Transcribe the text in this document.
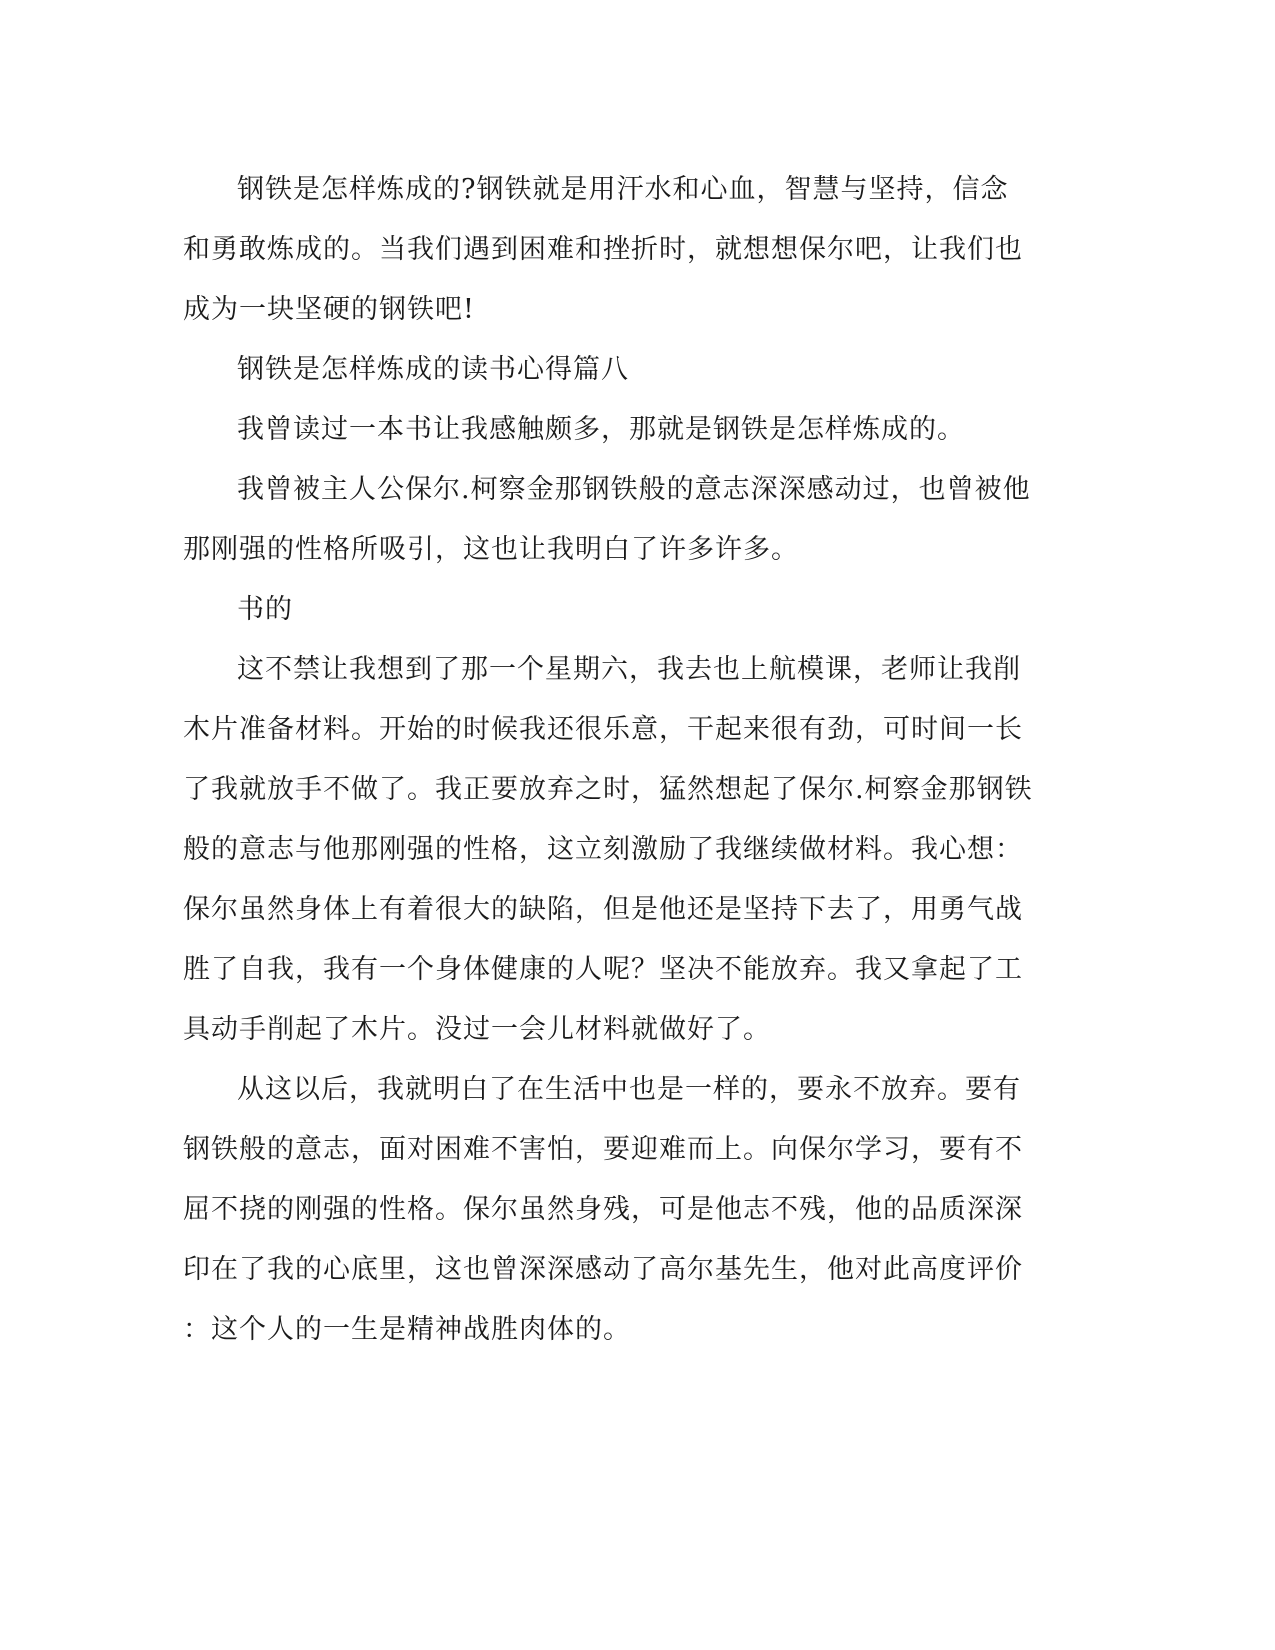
钢铁是怎样炼成的?钢铁就是用汗水和心血，智慧与坚持，信念
和勇敢炼成的。当我们遇到困难和挫折时，就想想保尔吧，让我们也
成为一块坚硬的钢铁吧!

钢铁是怎样炼成的读书心得篇八

我曾读过一本书让我感触颇多，那就是钢铁是怎样炼成的。

我曾被主人公保尔.柯察金那钢铁般的意志深深感动过，也曾被他
那刚强的性格所吸引，这也让我明白了许多许多。

书的

这不禁让我想到了那一个星期六，我去也上航模课，老师让我削
木片准备材料。开始的时候我还很乐意，干起来很有劲，可时间一长
了我就放手不做了。我正要放弃之时，猛然想起了保尔.柯察金那钢铁
般的意志与他那刚强的性格，这立刻激励了我继续做材料。我心想：
保尔虽然身体上有着很大的缺陷，但是他还是坚持下去了，用勇气战
胜了自我，我有一个身体健康的人呢？坚决不能放弃。我又拿起了工
具动手削起了木片。没过一会儿材料就做好了。

从这以后，我就明白了在生活中也是一样的，要永不放弃。要有
钢铁般的意志，面对困难不害怕，要迎难而上。向保尔学习，要有不
屈不挠的刚强的性格。保尔虽然身残，可是他志不残，他的品质深深
印在了我的心底里，这也曾深深感动了高尔基先生，他对此高度评价
：这个人的一生是精神战胜肉体的。
